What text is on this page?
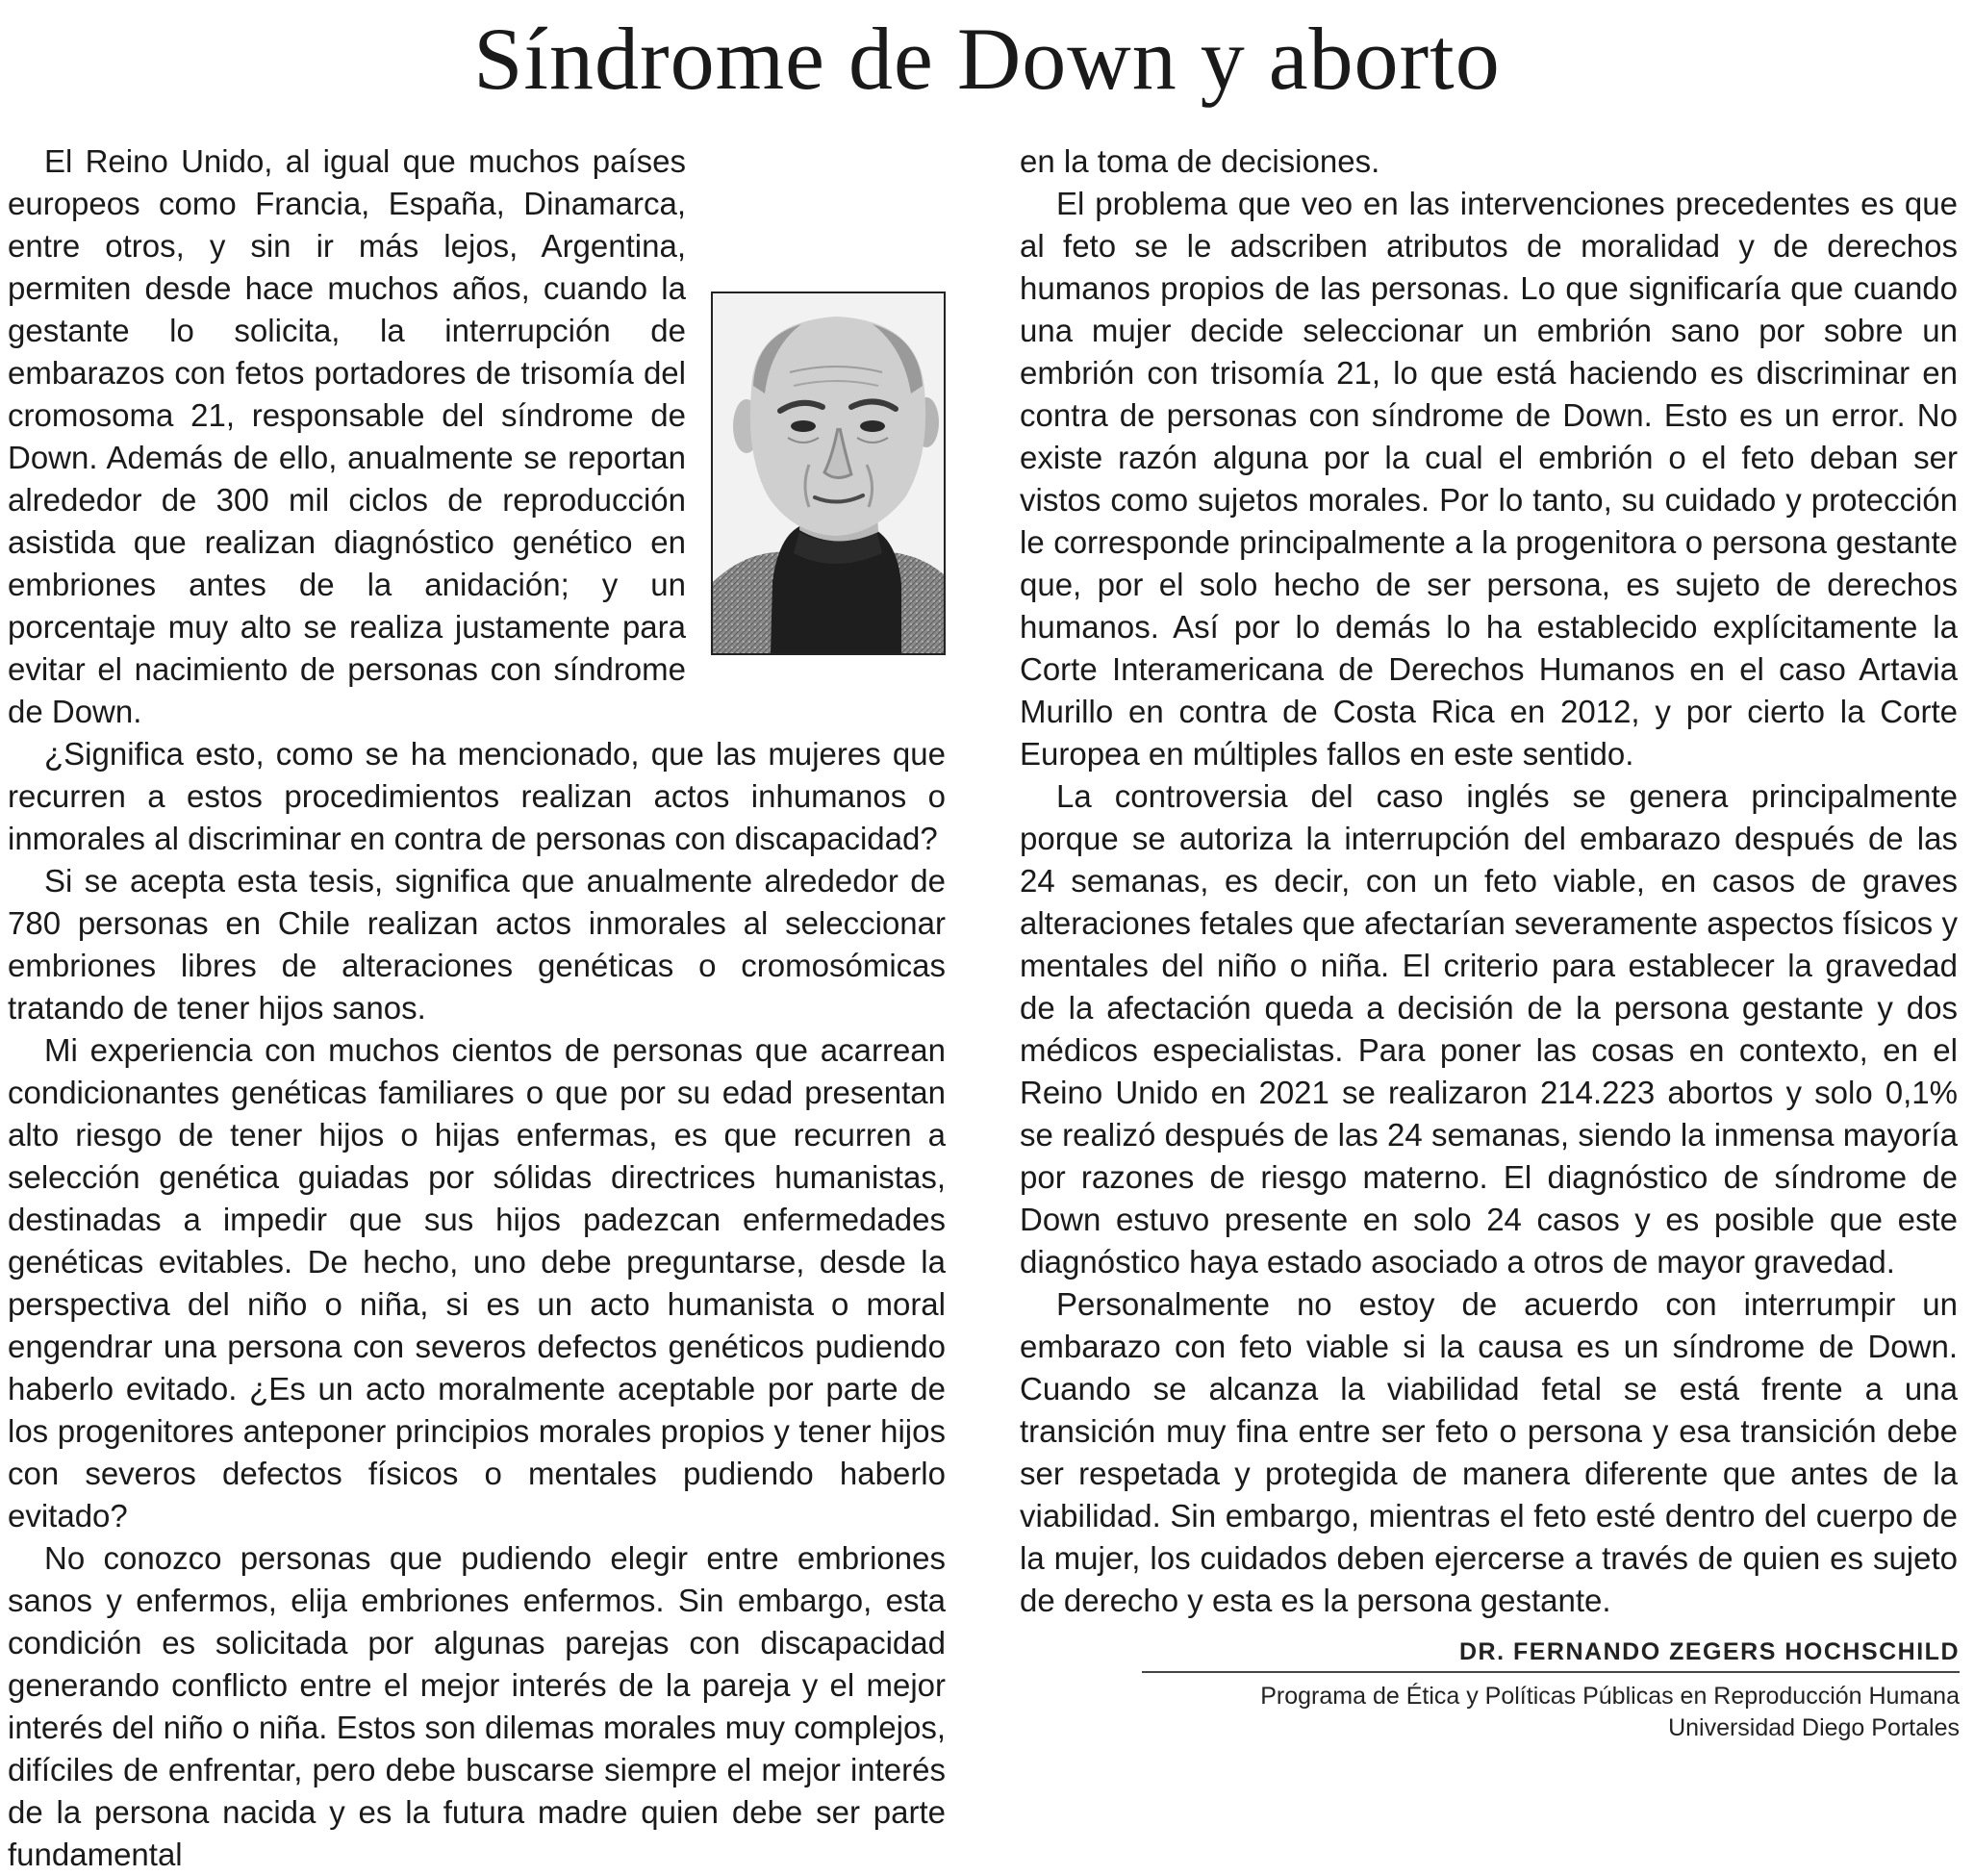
Síndrome de Down y aborto

El Reino Unido, al igual que muchos países europeos como Francia, España, Dinamarca, entre otros, y sin ir más lejos, Argentina, permiten desde hace muchos años, cuando la gestante lo solicita, la interrupción de embarazos con fetos portadores de trisomía del cromosoma 21, responsable del síndrome de Down. Además de ello, anualmente se reportan alrededor de 300 mil ciclos de reproducción asistida que realizan diagnóstico genético en embriones antes de la anidación; y un porcentaje muy alto se realiza justamente para evitar el nacimiento de personas con síndrome de Down.

¿Significa esto, como se ha mencionado, que las mujeres que recurren a estos procedimientos realizan actos inhumanos o inmorales al discriminar en contra de personas con discapacidad?

Si se acepta esta tesis, significa que anualmente alrededor de 780 personas en Chile realizan actos inmorales al seleccionar embriones libres de alteraciones genéticas o cromosómicas tratando de tener hijos sanos.

Mi experiencia con muchos cientos de personas que acarrean condicionantes genéticas familiares o que por su edad presentan alto riesgo de tener hijos o hijas enfermas, es que recurren a selección genética guiadas por sólidas directrices humanistas, destinadas a impedir que sus hijos padezcan enfermedades genéticas evitables. De hecho, uno debe preguntarse, desde la perspectiva del niño o niña, si es un acto humanista o moral engendrar una persona con severos defectos genéticos pudiendo haberlo evitado. ¿Es un acto moralmente aceptable por parte de los progenitores anteponer principios morales propios y tener hijos con severos defectos físicos o mentales pudiendo haberlo evitado?

No conozco personas que pudiendo elegir entre embriones sanos y enfermos, elija embriones enfermos. Sin embargo, esta condición es solicitada por algunas parejas con discapacidad generando conflicto entre el mejor interés de la pareja y el mejor interés del niño o niña. Estos son dilemas morales muy complejos, difíciles de enfrentar, pero debe buscarse siempre el mejor interés de la persona nacida y es la futura madre quien debe ser parte fundamental

en la toma de decisiones.

El problema que veo en las intervenciones precedentes es que al feto se le adscriben atributos de moralidad y de derechos humanos propios de las personas. Lo que significaría que cuando una mujer decide seleccionar un embrión sano por sobre un embrión con trisomía 21, lo que está haciendo es discriminar en contra de personas con síndrome de Down. Esto es un error. No existe razón alguna por la cual el embrión o el feto deban ser vistos como sujetos morales. Por lo tanto, su cuidado y protección le corresponde principalmente a la progenitora o persona gestante que, por el solo hecho de ser persona, es sujeto de derechos humanos. Así por lo demás lo ha establecido explícitamente la Corte Interamericana de Derechos Humanos en el caso Artavia Murillo en contra de Costa Rica en 2012, y por cierto la Corte Europea en múltiples fallos en este sentido.

La controversia del caso inglés se genera principalmente porque se autoriza la interrupción del embarazo después de las 24 semanas, es decir, con un feto viable, en casos de graves alteraciones fetales que afectarían severamente aspectos físicos y mentales del niño o niña. El criterio para establecer la gravedad de la afectación queda a decisión de la persona gestante y dos médicos especialistas. Para poner las cosas en contexto, en el Reino Unido en 2021 se realizaron 214.223 abortos y solo 0,1% se realizó después de las 24 semanas, siendo la inmensa mayoría por razones de riesgo materno. El diagnóstico de síndrome de Down estuvo presente en solo 24 casos y es posible que este diagnóstico haya estado asociado a otros de mayor gravedad.

Personalmente no estoy de acuerdo con interrumpir un embarazo con feto viable si la causa es un síndrome de Down. Cuando se alcanza la viabilidad fetal se está frente a una transición muy fina entre ser feto o persona y esa transición debe ser respetada y protegida de manera diferente que antes de la viabilidad. Sin embargo, mientras el feto esté dentro del cuerpo de la mujer, los cuidados deben ejercerse a través de quien es sujeto de derecho y esta es la persona gestante.

DR. FERNANDO ZEGERS HOCHSCHILD
Programa de Ética y Políticas Públicas en Reproducción Humana
Universidad Diego Portales
